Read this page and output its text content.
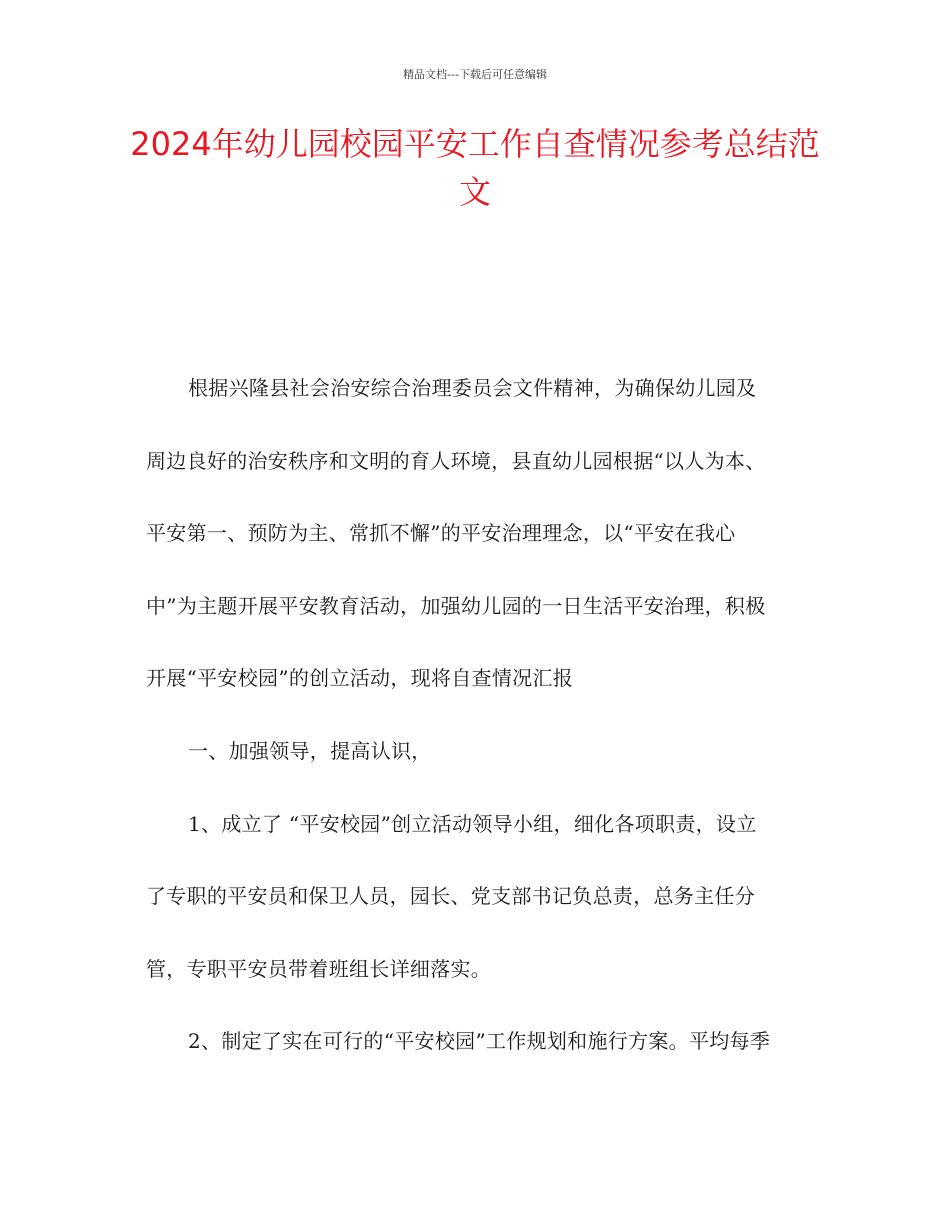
精品文档---下载后可任意编辑
2024年幼儿园校园平安工作自查情况参考总结范文
根据兴隆县社会治安综合治理委员会文件精神，为确保幼儿园及
周边良好的治安秩序和文明的育人环境，县直幼儿园根据“以人为本、
平安第一、预防为主、常抓不懈”的平安治理理念，以“平安在我心
中”为主题开展平安教育活动，加强幼儿园的一日生活平安治理，积极
开展“平安校园”的创立活动，现将自查情况汇报
一、加强领导，提高认识，
1、成立了 “平安校园”创立活动领导小组，细化各项职责，设立
了专职的平安员和保卫人员，园长、党支部书记负总责，总务主任分
管，专职平安员带着班组长详细落实。
2、制定了实在可行的“平安校园”工作规划和施行方案。平均每季
